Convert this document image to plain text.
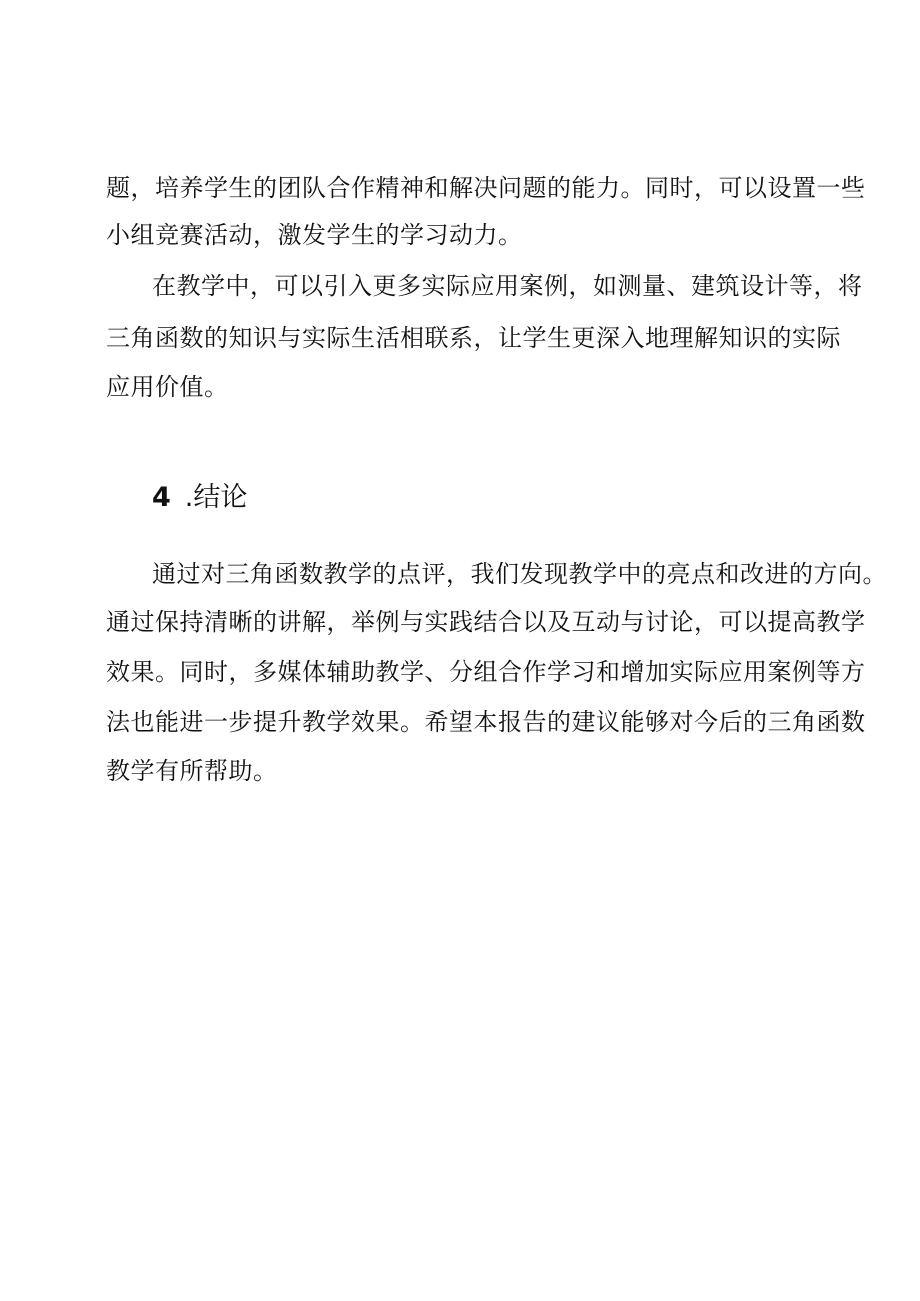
题，培养学生的团队合作精神和解决问题的能力。同时，可以设置一些
小组竞赛活动，激发学生的学习动力。
在教学中，可以引入更多实际应用案例，如测量、建筑设计等，将
三角函数的知识与实际生活相联系，让学生更深入地理解知识的实际
应用价值。
4 .结论
通过对三角函数教学的点评，我们发现教学中的亮点和改进的方向。
通过保持清晰的讲解，举例与实践结合以及互动与讨论，可以提高教学
效果。同时，多媒体辅助教学、分组合作学习和增加实际应用案例等方
法也能进一步提升教学效果。希望本报告的建议能够对今后的三角函数
教学有所帮助。
